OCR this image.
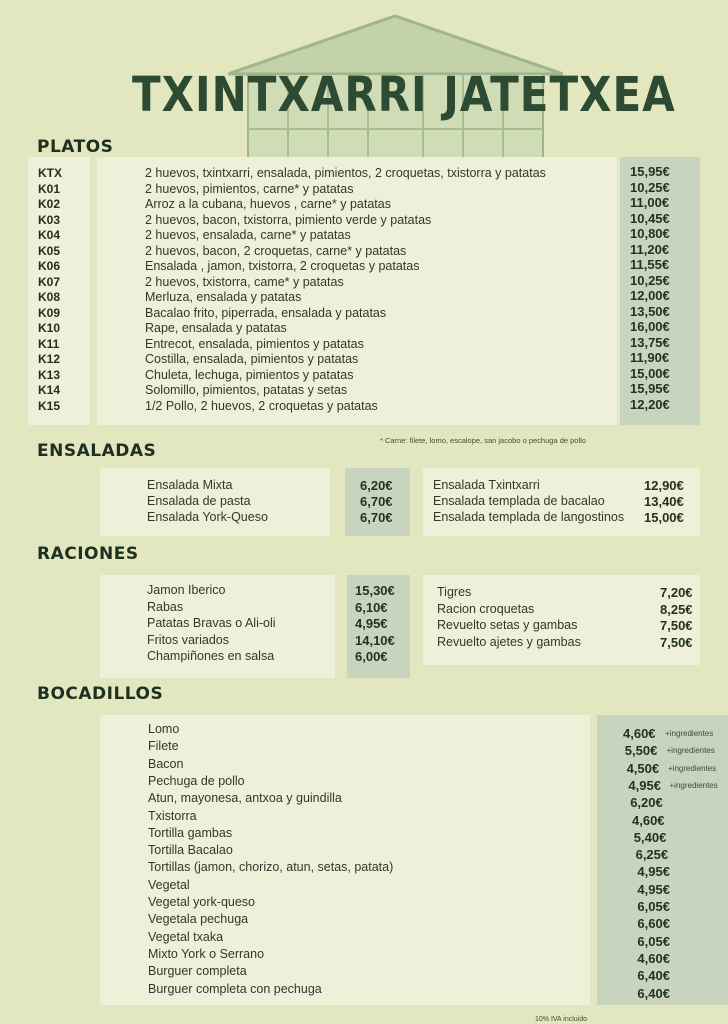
TXINTXARRI JATETXEA
PLATOS
KTX	2 huevos, txintxarri, ensalada, pimientos, 2 croquetas, txistorra y patatas	15,95€
K01	2 huevos, pimientos, carne* y patatas	10,25€
K02	Arroz a la cubana, huevos , carne* y patatas	11,00€
K03	2 huevos, bacon, txistorra, pimiento verde y patatas	10,45€
K04	2 huevos, ensalada, carne* y patatas	10,80€
K05	2 huevos, bacon, 2 croquetas, carne* y patatas	11,20€
K06	Ensalada , jamon, txistorra, 2 croquetas y patatas	11,55€
K07	2 huevos, txistorra, came* y patatas	10,25€
K08	Merluza, ensalada y patatas	12,00€
K09	Bacalao frito, piperrada, ensalada y patatas	13,50€
K10	Rape, ensalada y patatas	16,00€
K11	Entrecot, ensalada, pimientos y patatas	13,75€
K12	Costilla, ensalada, pimientos y patatas	11,90€
K13	Chuleta, lechuga, pimientos y patatas	15,00€
K14	Solomillo, pimientos, patatas y setas	15,95€
K15	1/2 Pollo, 2 huevos, 2 croquetas y patatas	12,20€
* Carne: filete, lomo, escalope, san jacobo o pechuga de pollo
ENSALADAS
Ensalada Mixta	6,20€
Ensalada de pasta	6,70€
Ensalada York-Queso	6,70€
Ensalada Txintxarri	12,90€
Ensalada templada de bacalao	13,40€
Ensalada templada de langostinos 15,00€
RACIONES
Jamon Iberico	15,30€
Rabas	6,10€
Patatas Bravas o Ali-oli	4,95€
Fritos variados	14,10€
Champiñones en salsa	6,00€
Tigres	7,20€
Racion croquetas	8,25€
Revuelto setas y gambas	7,50€
Revuelto ajetes y gambas	7,50€
BOCADILLOS
Lomo	4,60€ +ingredientes
Filete	5,50€ +ingredientes
Bacon	4,50€ +ingredientes
Pechuga de pollo	4,95€ +ingredientes
Atun, mayonesa, antxoa y guindilla	6,20€
Txistorra	4,60€
Tortilla gambas	5,40€
Tortilla Bacalao	6,25€
Tortillas (jamon, chorizo, atun, setas, patata)	4,95€
Vegetal	4,95€
Vegetal york-queso	6,05€
Vegetala pechuga	6,60€
Vegetal txaka	6,05€
Mixto York o Serrano	4,60€
Burguer completa	6,40€
Burguer completa con pechuga	6,40€
10% IVA incluido
